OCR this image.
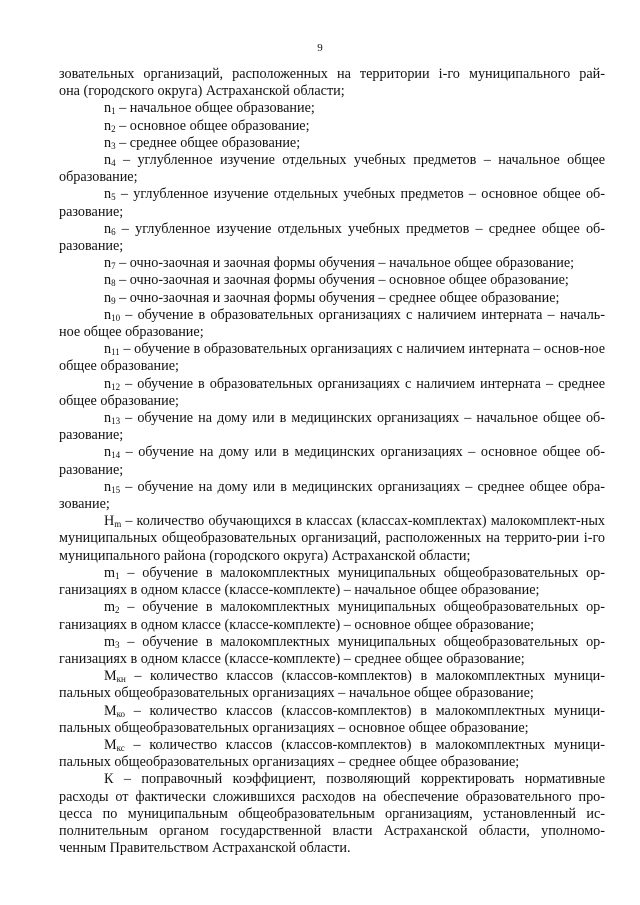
9
зовательных организаций, расположенных на территории i-го муниципального рай-
она (городского округа) Астраханской области;
$n_1$ – начальное общее образование;
$n_2$ – основное общее образование;
$n_3$ – среднее общее образование;
$n_4$ – углубленное изучение отдельных учебных предметов – начальное общее образование;
$n_5$ – углубленное изучение отдельных учебных предметов – основное общее об-разование;
$n_6$ – углубленное изучение отдельных учебных предметов – среднее общее об-разование;
$n_7$ – очно-заочная и заочная формы обучения – начальное общее образование;
$n_8$ – очно-заочная и заочная формы обучения – основное общее образование;
$n_9$ – очно-заочная и заочная формы обучения – среднее общее образование;
$n_{10}$ – обучение в образовательных организациях с наличием интерната – началь-ное общее образование;
$n_{11}$ – обучение в образовательных организациях с наличием интерната – основ-ное общее образование;
$n_{12}$ – обучение в образовательных организациях с наличием интерната – среднее общее образование;
$n_{13}$ – обучение на дому или в медицинских организациях – начальное общее об-разование;
$n_{14}$ – обучение на дому или в медицинских организациях – основное общее об-разование;
$n_{15}$ – обучение на дому или в медицинских организациях – среднее общее обра-зование;
$Н_m$ – количество обучающихся в классах (классах-комплектах) малокомплект-ных муниципальных общеобразовательных организаций, расположенных на террито-рии i-го муниципального района (городского округа) Астраханской области;
$m_1$ – обучение в малокомплектных муниципальных общеобразовательных ор-ганизациях в одном классе (классе-комплекте) – начальное общее образование;
$m_2$ – обучение в малокомплектных муниципальных общеобразовательных ор-ганизациях в одном классе (классе-комплекте) – основное общее образование;
$m_3$ – обучение в малокомплектных муниципальных общеобразовательных ор-ганизациях в одном классе (классе-комплекте) – среднее общее образование;
$М_{кн}$ – количество классов (классов-комплектов) в малокомплектных муници-пальных общеобразовательных организациях – начальное общее образование;
$М_{ко}$ – количество классов (классов-комплектов) в малокомплектных муници-пальных общеобразовательных организациях – основное общее образование;
$М_{кс}$ – количество классов (классов-комплектов) в малокомплектных муници-пальных общеобразовательных организациях – среднее общее образование;
К – поправочный коэффициент, позволяющий корректировать нормативные расходы от фактически сложившихся расходов на обеспечение образовательного про-цесса по муниципальным общеобразовательным организациям, установленный ис-полнительным органом государственной власти Астраханской области, уполномо-ченным Правительством Астраханской области.
